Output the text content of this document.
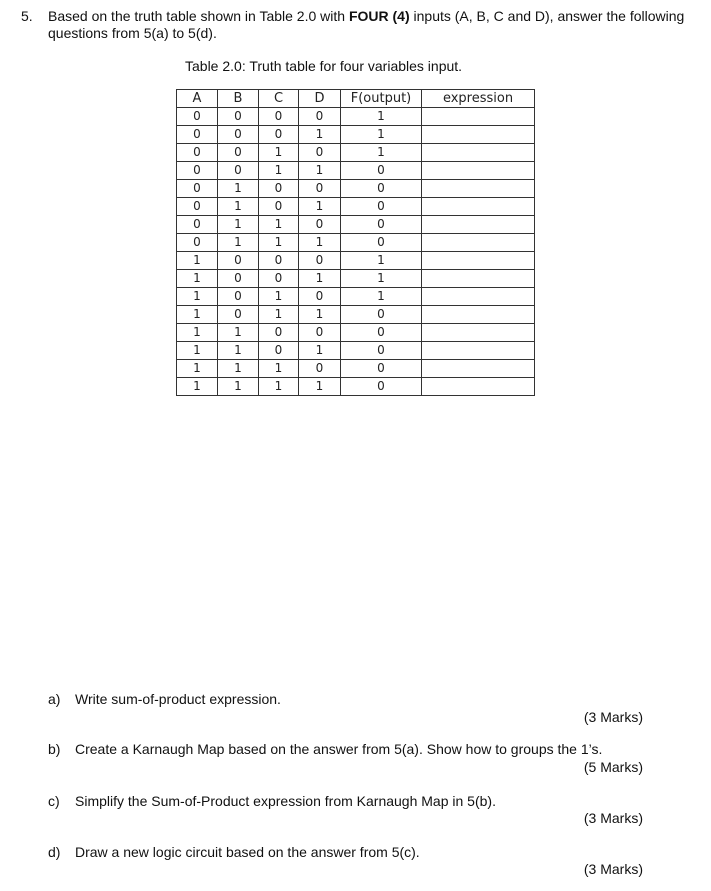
5. Based on the truth table shown in Table 2.0 with FOUR (4) inputs (A, B, C and D), answer the following questions from 5(a) to 5(d).
Table 2.0: Truth table for four variables input.
A	B	C	D	F(output)	expression
0	0	0	0	1	
0	0	0	1	1	
0	0	1	0	1	
0	0	1	1	0	
0	1	0	0	0	
0	1	0	1	0	
0	1	1	0	0	
0	1	1	1	0	
1	0	0	0	1	
1	0	0	1	1	
1	0	1	0	1	
1	0	1	1	0	
1	1	0	0	0	
1	1	0	1	0	
1	1	1	0	0	
1	1	1	1	0	
a) Write sum-of-product expression.
(3 Marks)
b) Create a Karnaugh Map based on the answer from 5(a). Show how to groups the 1’s.
(5 Marks)
c) Simplify the Sum-of-Product expression from Karnaugh Map in 5(b).
(3 Marks)
d) Draw a new logic circuit based on the answer from 5(c).
(3 Marks)
